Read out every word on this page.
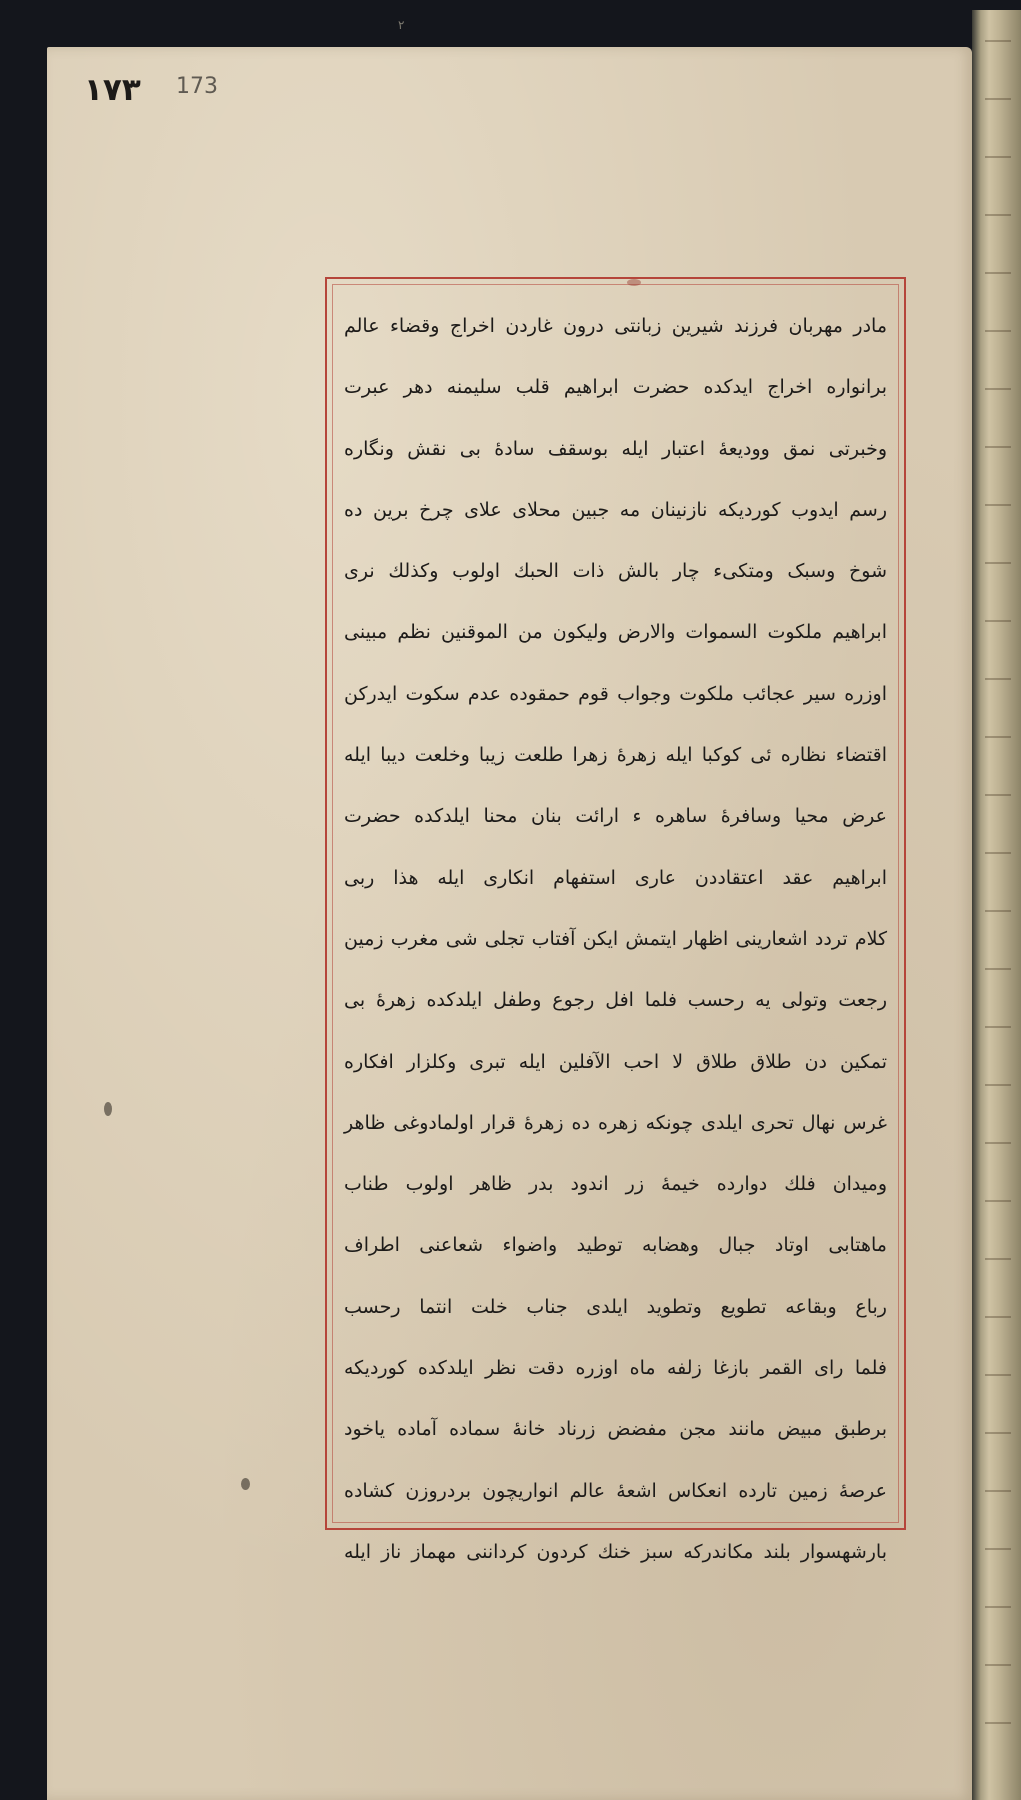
٢
١٧٣ 173
مادر مهربان فرزند شیرین زبانتی درون غاردن اخراج وقضاء عالم
برانواره اخراج ایدکده حضرت ابراهیم قلب سلیمنه دهر عبرت
وخبرتی نمق وودیعۀ اعتبار ایله بوسقف سادۀ بی نقش ونگاره
رسم ایدوب کوردیکه نازنینان مه جبین محلای علای چرخ برین ده
شوخ وسبک ومتکیء چار بالش ذات الحبك اولوب وکذلك نری
ابراهیم ملکوت السموات والارض ولیکون من الموقنین نظم مبینی
اوزره سیر عجائب ملکوت وجواب قوم حمقوده عدم سکوت ایدرکن
اقتضاء نظاره ئی کوکبا ایله زهرۀ زهرا طلعت زیبا وخلعت دیبا ایله
عرض محیا وسافرۀ ساهره ء ارائت بنان محنا ایلدکده حضرت
ابراهیم عقد اعتقاددن عاری استفهام انکاری ایله هذا ربی
کلام تردد اشعارینی اظهار ایتمش ایکن آفتاب تجلی شی مغرب زمین
رجعت وتولی یه رحسب فلما افل رجوع وطفل ایلدکده زهرۀ بی
تمکین دن طلاق طلاق لا احب الآفلین ایله تبری وکلزار افکاره
غرس نهال تحری ایلدی چونکه زهره ده زهرۀ قرار اولمادوغی ظاهر
ومیدان فلك دوارده خیمۀ زر اندود بدر ظاهر اولوب طناب
ماهتابی اوتاد جبال وهضابه توطید واضواء شعاعنی اطراف
رباع وبقاعه تطویع وتطوید ایلدی جناب خلت انتما رحسب
فلما رای القمر بازغا زلفه ماه اوزره دقت نظر ایلدکده کوردیکه
برطبق مبیض مانند مجن مفضض زرناد خانۀ سماده آماده یاخود
عرصۀ زمین تارده انعکاس اشعۀ عالم انواریچون بردروزن کشاده
بارشهسوار بلند مکاندرکه سبز خنك کردون کرداننی مهماز ناز ایله
